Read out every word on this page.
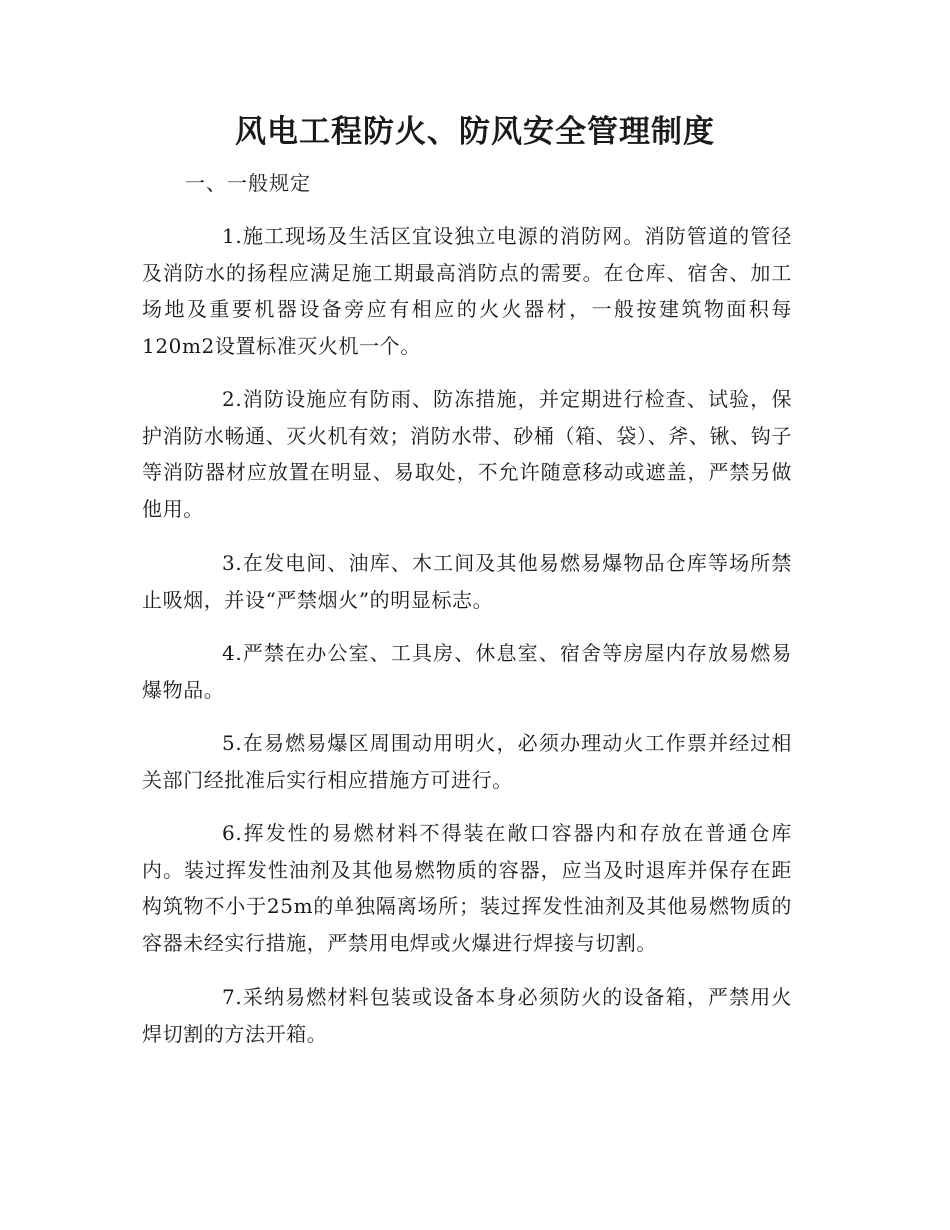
风电工程防火、防风安全管理制度
一、一般规定

1.施工现场及生活区宜设独立电源的消防网。消防管道的管径及消防水的扬程应满足施工期最高消防点的需要。在仓库、宿舍、加工场地及重要机器设备旁应有相应的火火器材，一般按建筑物面积每120m2设置标准灭火机一个。

2.消防设施应有防雨、防冻措施，并定期进行检查、试验，保护消防水畅通、灭火机有效；消防水带、砂桶（箱、袋）、斧、锹、钩子等消防器材应放置在明显、易取处，不允许随意移动或遮盖，严禁另做他用。

3.在发电间、油库、木工间及其他易燃易爆物品仓库等场所禁止吸烟，并设“严禁烟火”的明显标志。

4.严禁在办公室、工具房、休息室、宿舍等房屋内存放易燃易爆物品。

5.在易燃易爆区周围动用明火，必须办理动火工作票并经过相关部门经批准后实行相应措施方可进行。

6.挥发性的易燃材料不得装在敞口容器内和存放在普通仓库内。装过挥发性油剂及其他易燃物质的容器，应当及时退库并保存在距构筑物不小于25m的单独隔离场所；装过挥发性油剂及其他易燃物质的容器未经实行措施，严禁用电焊或火爆进行焊接与切割。

7.采纳易燃材料包装或设备本身必须防火的设备箱，严禁用火焊切割的方法开箱。
